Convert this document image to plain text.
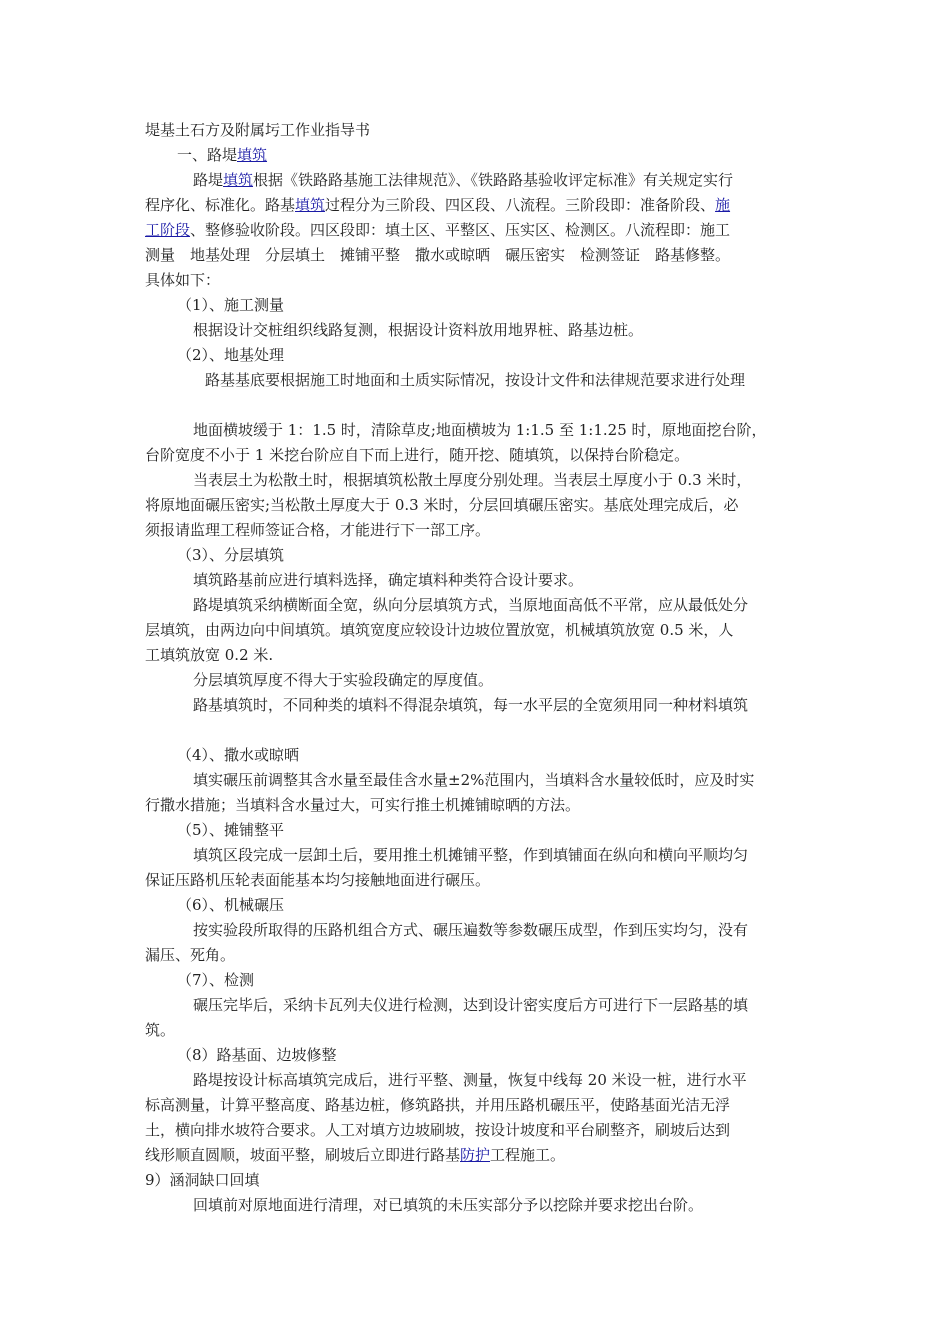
堤基土石方及附属圬工作业指导书
一、路堤填筑
路堤填筑根据《铁路路基施工法律规范》、《铁路路基验收评定标准》有关规定实行
程序化、标准化。路基填筑过程分为三阶段、四区段、八流程。三阶段即：准备阶段、施
工阶段、整修验收阶段。四区段即：填土区、平整区、压实区、检测区。八流程即：施工
测量　地基处理　分层填土　摊铺平整　撒水或晾晒　碾压密实　检测签证　路基修整。
具体如下：
（1）、施工测量
根据设计交桩组织线路复测，根据设计资料放用地界桩、路基边桩。
（2）、地基处理
路基基底要根据施工时地面和土质实际情况，按设计文件和法律规范要求进行处理
地面横坡缓于 1：1.5 时，清除草皮;地面横坡为 1:1.5 至 1:1.25 时，原地面挖台阶，
台阶宽度不小于 1 米挖台阶应自下而上进行，随开挖、随填筑，以保持台阶稳定。
当表层土为松散土时，根据填筑松散土厚度分别处理。当表层土厚度小于 0.3 米时，
将原地面碾压密实;当松散土厚度大于 0.3 米时，分层回填碾压密实。基底处理完成后，必
须报请监理工程师签证合格，才能进行下一部工序。
（3）、分层填筑
填筑路基前应进行填料选择，确定填料种类符合设计要求。
路堤填筑采纳横断面全宽，纵向分层填筑方式，当原地面高低不平常，应从最低处分
层填筑，由两边向中间填筑。填筑宽度应较设计边坡位置放宽，机械填筑放宽 0.5 米，人
工填筑放宽 0.2 米.
分层填筑厚度不得大于实验段确定的厚度值。
路基填筑时，不同种类的填料不得混杂填筑，每一水平层的全宽须用同一种材料填筑
（4）、撒水或晾晒
填实碾压前调整其含水量至最佳含水量±2%范围内，当填料含水量较低时，应及时实
行撒水措施；当填料含水量过大，可实行推土机摊铺晾晒的方法。
（5）、摊铺整平
填筑区段完成一层卸土后，要用推土机摊铺平整，作到填铺面在纵向和横向平顺均匀
保证压路机压轮表面能基本均匀接触地面进行碾压。
（6）、机械碾压
按实验段所取得的压路机组合方式、碾压遍数等参数碾压成型，作到压实均匀，没有
漏压、死角。
（7）、检测
碾压完毕后，采纳卡瓦列夫仪进行检测，达到设计密实度后方可进行下一层路基的填
筑。
（8）路基面、边坡修整
路堤按设计标高填筑完成后，进行平整、测量，恢复中线每 20 米设一桩，进行水平
标高测量，计算平整高度、路基边桩，修筑路拱，并用压路机碾压平，使路基面光洁无浮
土，横向排水坡符合要求。人工对填方边坡刷坡，按设计坡度和平台刷整齐，刷坡后达到
线形顺直圆顺，坡面平整，刷坡后立即进行路基防护工程施工。
9）涵洞缺口回填
回填前对原地面进行清理，对已填筑的未压实部分予以挖除并要求挖出台阶。
